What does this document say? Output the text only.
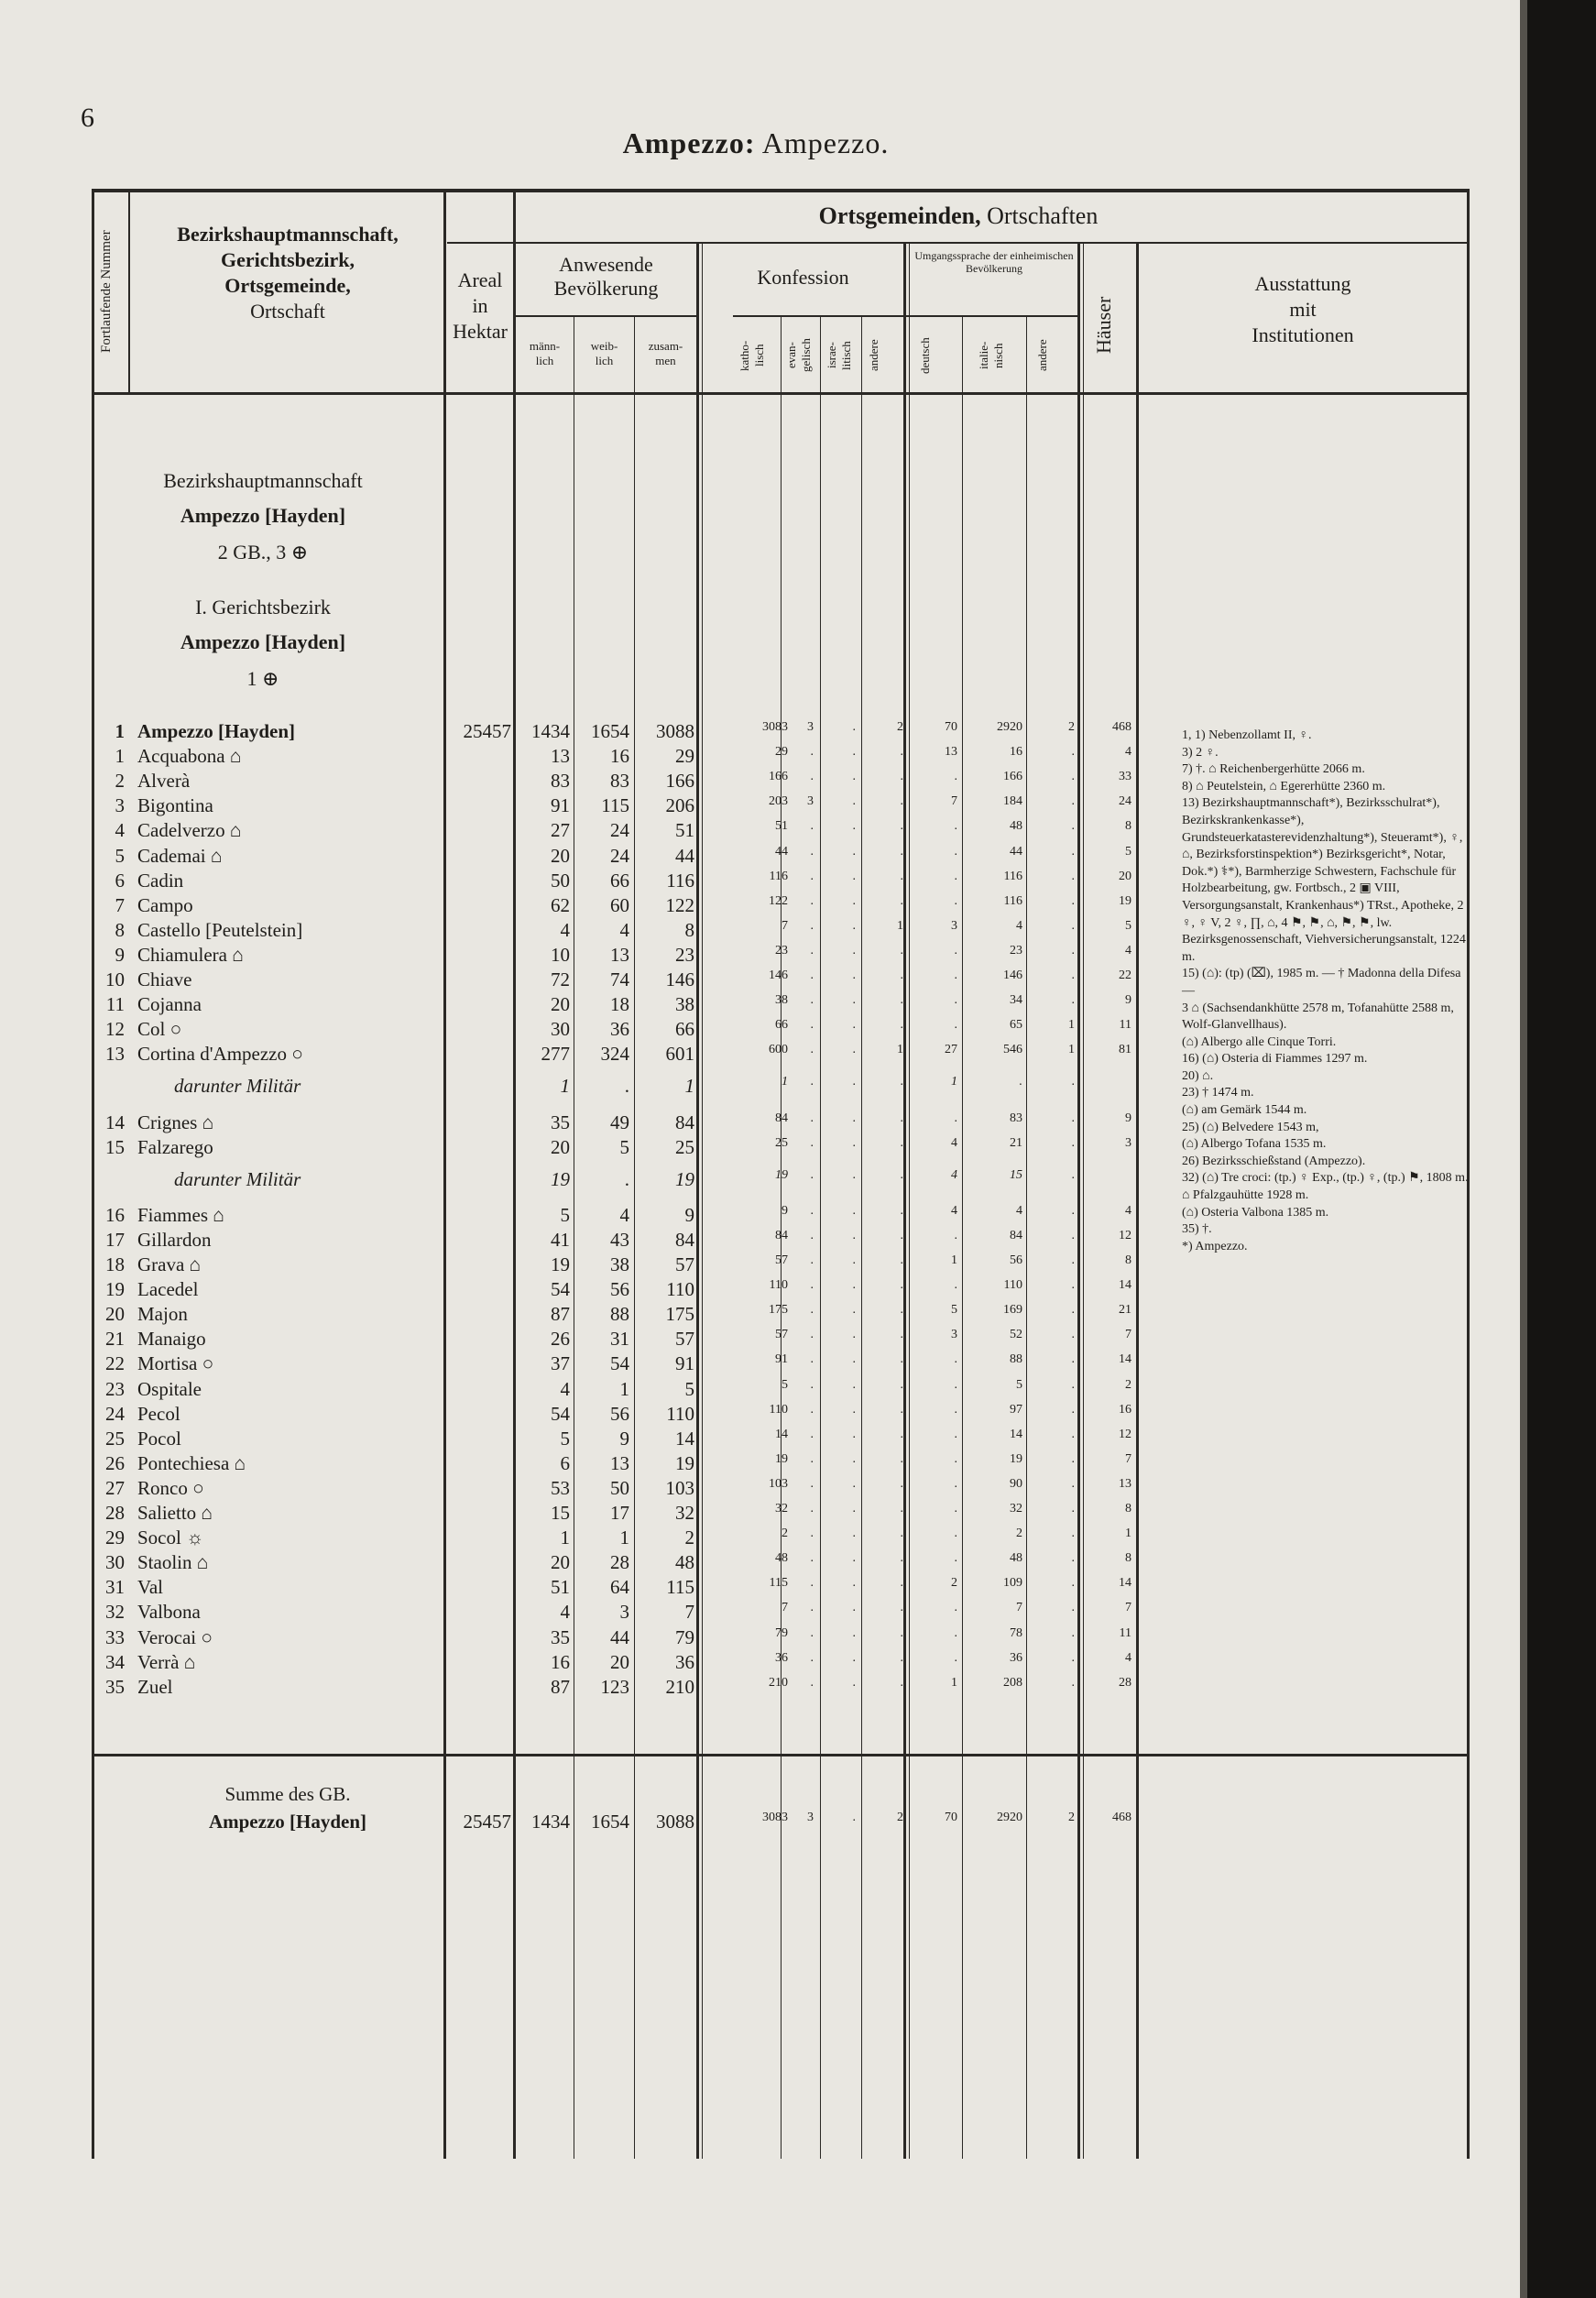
6
Ampezzo: Ampezzo.
Fortlaufende Nummer	Bezirkshauptmannschaft,
Gerichtsbezirk,
Ortsgemeinde,
Ortschaft
Ortsgemeinden, Ortschaften
Areal
in
Hektar
Anwesende
Bevölkerung
männ-
lich
weib-
lich
zusam-
men
Konfession
katho-
lisch	evan-
gelisch	israe-
litisch	andere
Umgangssprache der einheimischen Bevölkerung
deutsch	italie-
nisch	andere
Häuser
Ausstattung
mit
Institutionen
Bezirkshauptmannschaft
Ampezzo [Hayden]
2 GB., 3 ⊕
I. Gerichtsbezirk
Ampezzo [Hayden]
1 ⊕
1 Ampezzo [Hayden]	25457	1434	1654	3088	3083	3	.	2	70	2920	2	468
1 Acquabona ⌂	13	16	29	29	.	.	.	13	16	.	4
2 Alverà	83	83	166	166	.	.	.	.	166	.	33
3 Bigontina	91	115	206	203	3	.	.	7	184	.	24
4 Cadelverzo ⌂	27	24	51	51	.	.	.	.	48	.	8
5 Cademai ⌂	20	24	44	44	.	.	.	.	44	.	5
6 Cadin	50	66	116	116	.	.	.	.	116	.	20
7 Campo	62	60	122	122	.	.	.	.	116	.	19
8 Castello [Peutelstein]	4	4	8	7	.	.	1	3	4	.	5
9 Chiamulera ⌂	10	13	23	23	.	.	.	.	23	.	4
10 Chiave	72	74	146	146	.	.	.	.	146	.	22
11 Cojanna	20	18	38	38	.	.	.	.	34	.	9
12 Col ○	30	36	66	66	.	.	.	.	65	1	11
13 Cortina d'Ampezzo ○	277	324	601	600	.	.	1	27	546	1	81
darunter Militär	1	.	1	1	.	.	.	1	.	.
14 Crignes ⌂	35	49	84	84	.	.	.	.	83	.	9
15 Falzarego	20	5	25	25	.	.	.	4	21	.	3
darunter Militär	19	.	19	19	.	.	.	4	15	.
16 Fiammes ⌂	5	4	9	9	.	.	.	4	4	.	4
17 Gillardon	41	43	84	84	.	.	.	.	84	.	12
18 Grava ⌂	19	38	57	57	.	.	.	1	56	.	8
19 Lacedel	54	56	110	110	.	.	.	.	110	.	14
20 Majon	87	88	175	175	.	.	.	5	169	.	21
21 Manaigo	26	31	57	57	.	.	.	3	52	.	7
22 Mortisa ○	37	54	91	91	.	.	.	.	88	.	14
23 Ospitale	4	1	5	5	.	.	.	.	5	.	2
24 Pecol	54	56	110	110	.	.	.	.	97	.	16
25 Pocol	5	9	14	14	.	.	.	.	14	.	12
26 Pontechiesa ⌂	6	13	19	19	.	.	.	.	19	.	7
27 Ronco ○	53	50	103	103	.	.	.	.	90	.	13
28 Salietto ⌂	15	17	32	32	.	.	.	.	32	.	8
29 Socol ☼	1	1	2	2	.	.	.	.	2	.	1
30 Staolin ⌂	20	28	48	48	.	.	.	.	48	.	8
31 Val	51	64	115	115	.	.	.	2	109	.	14
32 Valbona	4	3	7	7	.	.	.	.	7	.	7
33 Verocai ○	35	44	79	79	.	.	.	.	78	.	11
34 Verrà ⌂	16	20	36	36	.	.	.	.	36	.	4
35 Zuel	87	123	210	210	.	.	.	1	208	.	28
1, 1) Nebenzollamt II, ♀.
3) 2 ♀.
7) †. ⌂ Reichenbergerhütte 2066 m.
8) ⌂ Peutelstein, ⌂ Egererhütte 2360 m.
13) Bezirkshauptmannschaft*), Bezirksschulrat*), Bezirkskrankenkasse*), Grundsteuerkatasterevidenzhaltung*), Steueramt*), ♀, ⌂, Bezirksforstinspektion*) Bezirksgericht*, Notar, Dok.*) ⚕*), Barmherzige Schwestern, Fachschule für Holzbearbeitung, gw. Fortbsch., 2 ▣ VIII, Versorgungsanstalt, Krankenhaus*) TRst., Apotheke, 2 ♀, ♀ V, 2 ♀, ∏, ⌂, 4 ⚑, ⚑, ⌂, ⚑, ⚑, lw. Bezirksgenossenschaft, Viehversicherungsanstalt, 1224 m.
15) (⌂): (tp) (⌧), 1985 m. — † Madonna della Difesa —
3 ⌂ (Sachsendankhütte 2578 m, Tofanahütte 2588 m, Wolf-Glanvellhaus).
(⌂) Albergo alle Cinque Torri.
16) (⌂) Osteria di Fiammes 1297 m.
20) ⌂.
23) † 1474 m.
(⌂) am Gemärk 1544 m.
25) (⌂) Belvedere 1543 m,
(⌂) Albergo Tofana 1535 m.
26) Bezirksschießstand (Ampezzo).
32) (⌂) Tre croci: (tp.) ♀ Exp., (tp.) ♀, (tp.) ⚑, 1808 m.
⌂ Pfalzgauhütte 1928 m.
(⌂) Osteria Valbona 1385 m.
35) †.
*) Ampezzo.
Summe des GB.
Ampezzo [Hayden]	25457	1434	1654	3088	3083	3	.	2	70	2920	2	468
